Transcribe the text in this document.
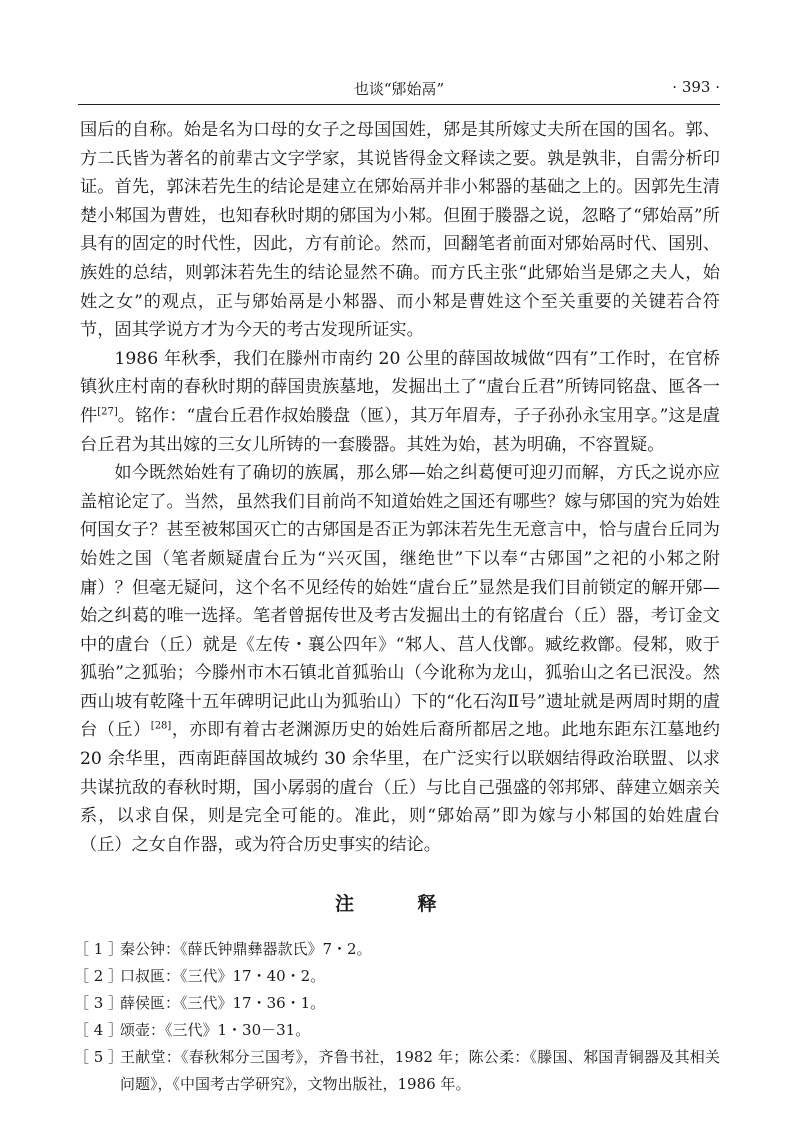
也谈“郳始鬲”	· 393 ·

国后的自称。始是名为口母的女子之母国国姓，郳是其所嫁丈夫所在国的国名。郭、方二氏皆为著名的前辈古文字学家，其说皆得金文释读之要。孰是孰非，自需分析印证。首先，郭沫若先生的结论是建立在郳始鬲并非小邾器的基础之上的。因郭先生清楚小邾国为曹姓，也知春秋时期的郳国为小邾。但囿于媵器之说，忽略了“郳始鬲”所具有的固定的时代性，因此，方有前论。然而，回翻笔者前面对郳始鬲时代、国别、族姓的总结，则郭沫若先生的结论显然不确。而方氏主张“此郳始当是郳之夫人，始姓之女”的观点，正与郳始鬲是小邾器、而小邾是曹姓这个至关重要的关键若合符节，固其学说方才为今天的考古发现所证实。

1986 年秋季，我们在滕州市南约 20 公里的薛国故城做“四有”工作时，在官桥镇狄庄村南的春秋时期的薛国贵族墓地，发掘出土了“虘台丘君”所铸同铭盘、匜各一件[27]。铭作：“虘台丘君作叔始媵盘（匜），其万年眉寿，子子孙孙永宝用享。”这是虘台丘君为其出嫁的三女儿所铸的一套媵器。其姓为始，甚为明确，不容置疑。

如今既然始姓有了确切的族属，那么郳—始之纠葛便可迎刃而解，方氏之说亦应盖棺论定了。当然，虽然我们目前尚不知道始姓之国还有哪些？嫁与郳国的究为始姓何国女子？甚至被邾国灭亡的古郳国是否正为郭沫若先生无意言中，恰与虘台丘同为始姓之国（笔者颇疑虘台丘为“兴灭国，继绝世”下以奉“古郳国”之祀的小邾之附庸）？但毫无疑问，这个名不见经传的始姓“虘台丘”显然是我们目前锁定的解开郳—始之纠葛的唯一选择。笔者曾据传世及考古发掘出土的有铭虘台（丘）器，考订金文中的虘台（丘）就是《左传・襄公四年》“邾人、莒人伐鄫。臧纥救鄫。侵邾，败于狐骀”之狐骀；今滕州市木石镇北首狐骀山（今讹称为龙山，狐骀山之名已泯没。然西山坡有乾隆十五年碑明记此山为狐骀山）下的“化石沟Ⅱ号”遗址就是两周时期的虘台（丘）[28]，亦即有着古老渊源历史的始姓后裔所都居之地。此地东距东江墓地约 20 余华里，西南距薛国故城约 30 余华里，在广泛实行以联姻结得政治联盟、以求共谋抗敌的春秋时期，国小孱弱的虘台（丘）与比自己强盛的邻邦郳、薛建立姻亲关系，以求自保，则是完全可能的。准此，则“郳始鬲”即为嫁与小邾国的始姓虘台（丘）之女自作器，或为符合历史事实的结论。

注 释
［ 1 ］
秦公钟：《薛氏钟鼎彝器款氏》7・2。
［ 2 ］
口叔匜：《三代》17・40・2。
［ 3 ］
薛侯匜：《三代》17・36・1。
［ 4 ］
颂壶：《三代》1・30－31。
［ 5 ］
王献堂：《春秋邾分三国考》，齐鲁书社，1982 年；陈公柔：《滕国、邾国青铜器及其相关问题》，《中国考古学研究》，文物出版社，1986 年。
